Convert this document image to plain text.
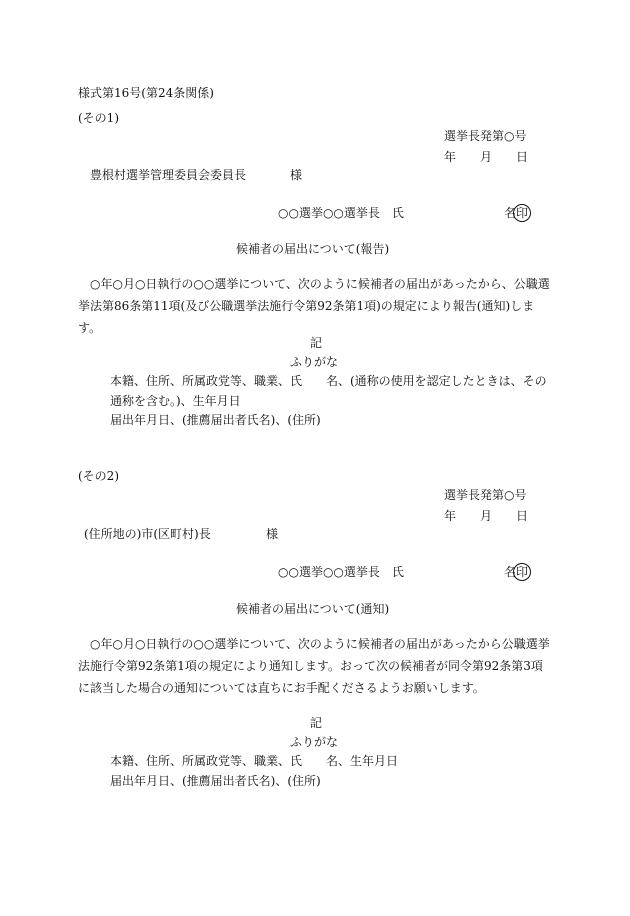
様式第16号(第24条関係)
(その1)
選挙長発第○号
年　　月　　日
豊根村選挙管理委員会委員長	様
○○選挙○○選挙長　氏	名印
候補者の届出について(報告)
○年○月○日執行の○○選挙について、次のように候補者の届出があったから、公職選挙法第86条第11項(及び公職選挙法施行令第92条第1項)の規定により報告(通知)します。
記
ふりがな
本籍、住所、所属政党等、職業、氏　　名、(通称の使用を認定したときは、その
通称を含む。)、生年月日
届出年月日、(推薦届出者氏名)、(住所)
(その2)
選挙長発第○号
年　　月　　日
(住所地の)市(区町村)長	様
○○選挙○○選挙長　氏	名印
候補者の届出について(通知)
○年○月○日執行の○○選挙について、次のように候補者の届出があったから公職選挙法施行令第92条第1項の規定により通知します。おって次の候補者が同令第92条第3項に該当した場合の通知については直ちにお手配くださるようお願いします。
記
ふりがな
本籍、住所、所属政党等、職業、氏　　名、生年月日
届出年月日、(推薦届出者氏名)、(住所)
